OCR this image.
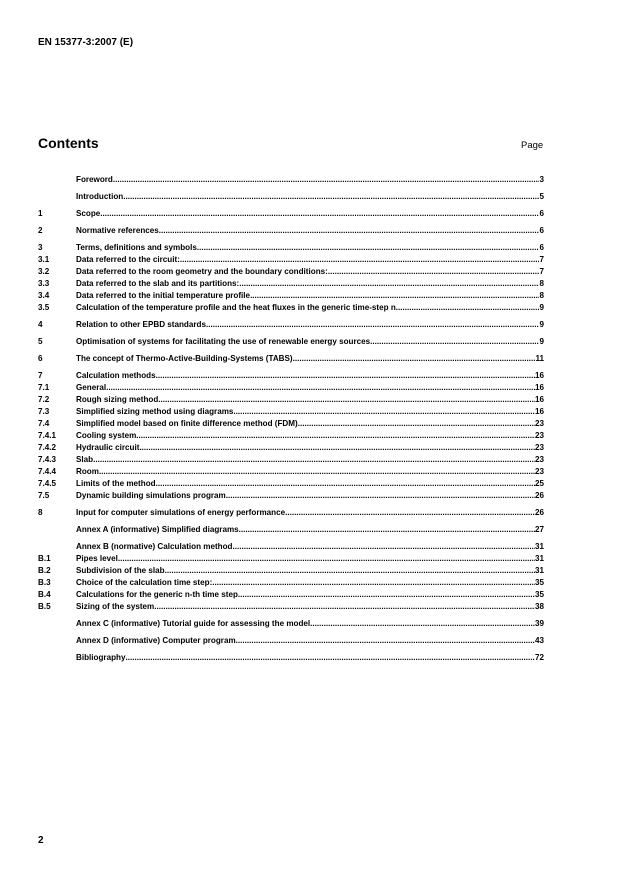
EN 15377-3:2007 (E)
Contents	Page
Foreword .....	3
Introduction .....	5
1	Scope .....	6
2	Normative references .....	6
3	Terms, definitions and symbols .....	6
3.1	Data referred to the circuit: .....	7
3.2	Data referred to the room geometry and the boundary conditions: .....	7
3.3	Data referred to the slab and its partitions: .....	8
3.4	Data referred to the initial temperature profile .....	8
3.5	Calculation of the temperature profile and the heat fluxes in the generic time-step n .....	9
4	Relation to other EPBD standards .....	9
5	Optimisation of systems for facilitating the use of renewable energy sources .....	9
6	The concept of Thermo-Active-Building-Systems (TABS) .....	11
7	Calculation methods .....	16
7.1	General .....	16
7.2	Rough sizing method .....	16
7.3	Simplified sizing method using diagrams .....	16
7.4	Simplified model based on finite difference method (FDM) .....	23
7.4.1	Cooling system .....	23
7.4.2	Hydraulic circuit .....	23
7.4.3	Slab .....	23
7.4.4	Room .....	23
7.4.5	Limits of the method .....	25
7.5	Dynamic building simulations program .....	26
8	Input for computer simulations of energy performance .....	26
Annex A (informative) Simplified diagrams .....	27
Annex B (normative) Calculation method .....	31
B.1	Pipes level .....	31
B.2	Subdivision of the slab .....	31
B.3	Choice of the calculation time step: .....	35
B.4	Calculations for the generic n-th time step .....	35
B.5	Sizing of the system .....	38
Annex C (informative) Tutorial guide for assessing the model .....	39
Annex D (informative) Computer program .....	43
Bibliography .....	72
2
